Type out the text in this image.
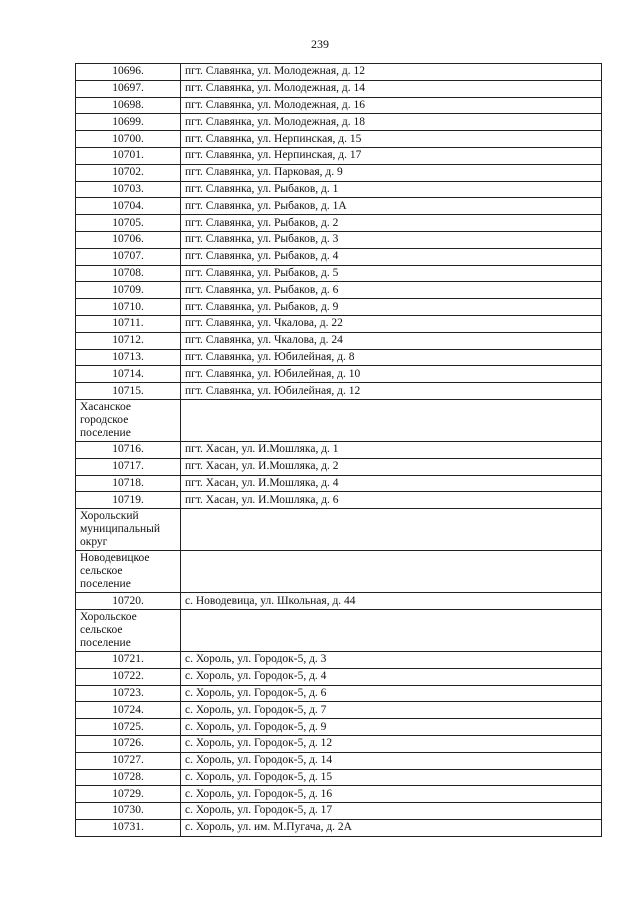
239
10696.	пгт. Славянка, ул. Молодежная, д. 12
10697.	пгт. Славянка, ул. Молодежная, д. 14
10698.	пгт. Славянка, ул. Молодежная, д. 16
10699.	пгт. Славянка, ул. Молодежная, д. 18
10700.	пгт. Славянка, ул. Нерпинская, д. 15
10701.	пгт. Славянка, ул. Нерпинская, д. 17
10702.	пгт. Славянка, ул. Парковая, д. 9
10703.	пгт. Славянка, ул. Рыбаков, д. 1
10704.	пгт. Славянка, ул. Рыбаков, д. 1А
10705.	пгт. Славянка, ул. Рыбаков, д. 2
10706.	пгт. Славянка, ул. Рыбаков, д. 3
10707.	пгт. Славянка, ул. Рыбаков, д. 4
10708.	пгт. Славянка, ул. Рыбаков, д. 5
10709.	пгт. Славянка, ул. Рыбаков, д. 6
10710.	пгт. Славянка, ул. Рыбаков, д. 9
10711.	пгт. Славянка, ул. Чкалова, д. 22
10712.	пгт. Славянка, ул. Чкалова, д. 24
10713.	пгт. Славянка, ул. Юбилейная, д. 8
10714.	пгт. Славянка, ул. Юбилейная, д. 10
10715.	пгт. Славянка, ул. Юбилейная, д. 12
Хасанское городское поселение	
10716.	пгт. Хасан, ул. И.Мошляка, д. 1
10717.	пгт. Хасан, ул. И.Мошляка, д. 2
10718.	пгт. Хасан, ул. И.Мошляка, д. 4
10719.	пгт. Хасан, ул. И.Мошляка, д. 6
Хорольский муниципальный округ	
Новодевицкое сельское поселение	
10720.	с. Новодевица, ул. Школьная, д. 44
Хорольское сельское поселение	
10721.	с. Хороль, ул. Городок-5, д. 3
10722.	с. Хороль, ул. Городок-5, д. 4
10723.	с. Хороль, ул. Городок-5, д. 6
10724.	с. Хороль, ул. Городок-5, д. 7
10725.	с. Хороль, ул. Городок-5, д. 9
10726.	с. Хороль, ул. Городок-5, д. 12
10727.	с. Хороль, ул. Городок-5, д. 14
10728.	с. Хороль, ул. Городок-5, д. 15
10729.	с. Хороль, ул. Городок-5, д. 16
10730.	с. Хороль, ул. Городок-5, д. 17
10731.	с. Хороль, ул. им. М.Пугача, д. 2А
